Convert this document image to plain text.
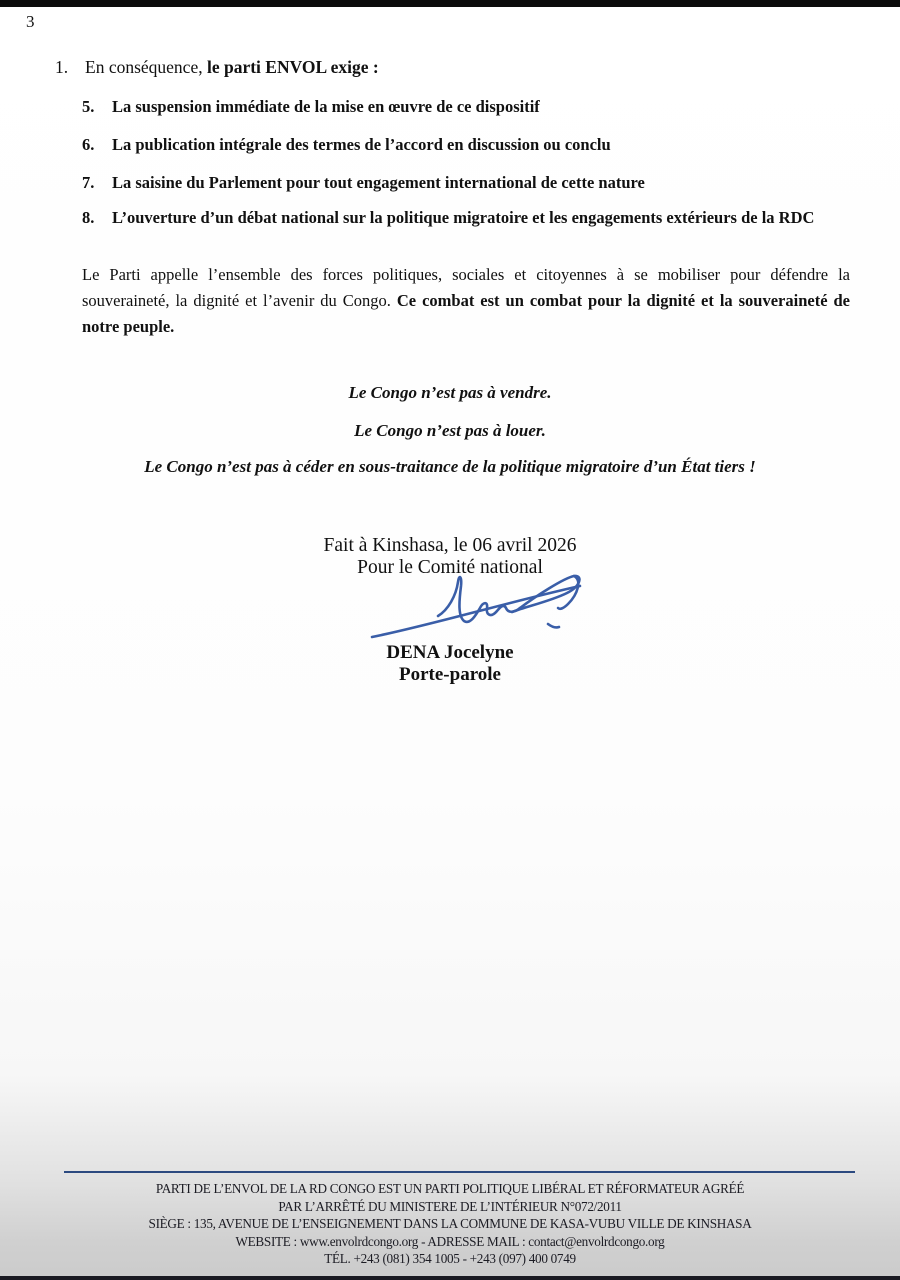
3
1. En conséquence, le parti ENVOL exige :
5.	La suspension immédiate de la mise en œuvre de ce dispositif
6.	La publication intégrale des termes de l’accord en discussion ou conclu
7.	La saisine du Parlement pour tout engagement international de cette nature
8.	L’ouverture d’un débat national sur la politique migratoire et les engagements extérieurs de la RDC
Le Parti appelle l’ensemble des forces politiques, sociales et citoyennes à se mobiliser pour défendre la souveraineté, la dignité et l’avenir du Congo. Ce combat est un combat pour la dignité et la souveraineté de notre peuple.
Le Congo n’est pas à vendre.
Le Congo n’est pas à louer.
Le Congo n’est pas à céder en sous-traitance de la politique migratoire d’un État tiers !
Fait à Kinshasa, le 06 avril 2026
Pour le Comité national
DENA Jocelyne
Porte-parole
PARTI DE L’ENVOL DE LA RD CONGO EST UN PARTI POLITIQUE LIBÉRAL ET RÉFORMATEUR AGRÉÉ
PAR L’ARRÊTÉ DU MINISTERE DE L’INTÉRIEUR N°072/2011
SIÈGE : 135, AVENUE DE L’ENSEIGNEMENT DANS LA COMMUNE DE KASA-VUBU VILLE DE KINSHASA
WEBSITE : www.envolrdcongo.org - ADRESSE MAIL : contact@envolrdcongo.org
TÉL. +243 (081) 354 1005 - +243 (097) 400 0749
